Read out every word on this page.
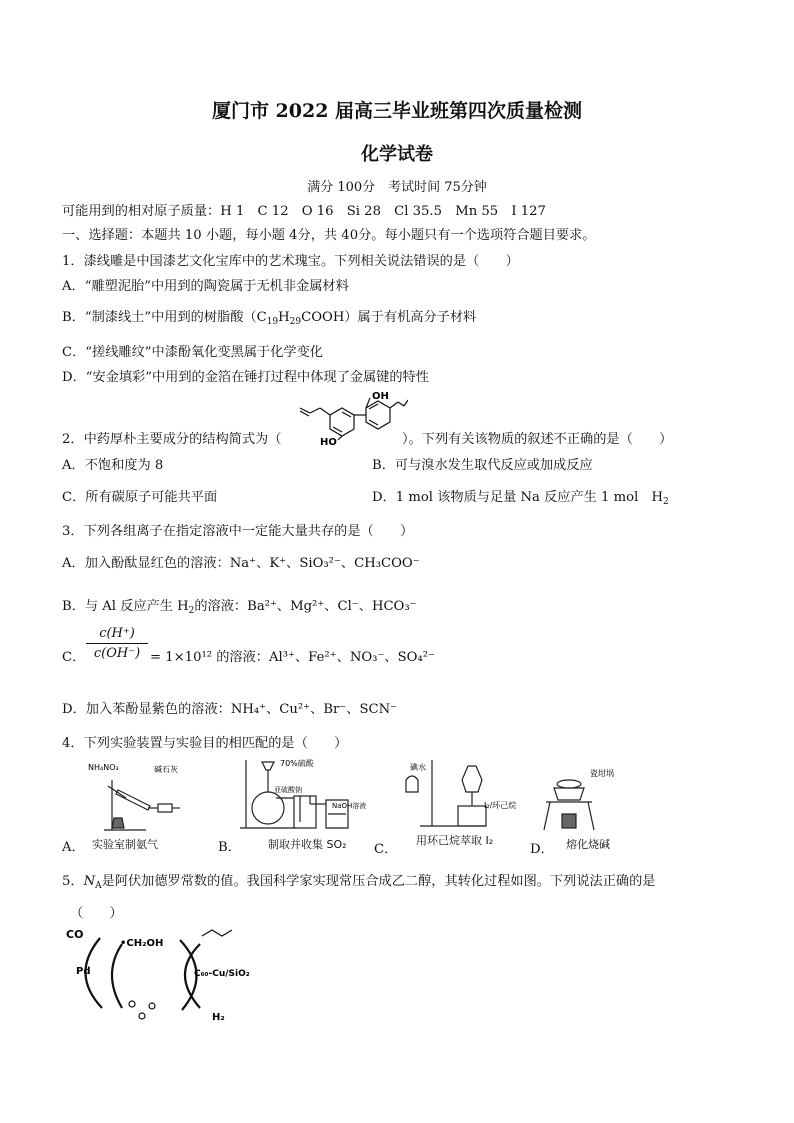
厦门市 2022 届高三毕业班第四次质量检测
化学试卷
满分 100分　考试时间 75分钟
可能用到的相对原子质量：H 1　C 12　O 16　Si 28　Cl 35.5　Mn 55　I 127
一、选择题：本题共 10 小题，每小题 4分，共 40分。每小题只有一个选项符合题目要求。
1．漆线雕是中国漆艺文化宝库中的艺术瑰宝。下列相关说法错误的是（　　）
A．“雕塑泥胎”中用到的陶瓷属于无机非金属材料
B．“制漆线土”中用到的树脂酸$(C_{19}H_{29}COOH)$属于有机高分子材料
C．“搓线雕纹”中漆酚氧化变黑属于化学变化
D．“安金填彩”中用到的金箔在锤打过程中体现了金属键的特性
OH
HO
2．中药厚朴主要成分的结构简式为（	）。下列有关该物质的叙述不正确的是（　　）
A．不饱和度为 8	B．可与溴水发生取代反应或加成反应
C．所有碳原子可能共平面	D．1 mol 该物质与足量 Na 反应产生 1 mol　$H_2$
3．下列各组离子在指定溶液中一定能大量共存的是（　　）
A．加入酚酞显红色的溶液：Na⁺、K⁺、SiO₃²⁻、CH₃COO⁻
B．与 Al 反应产生 $H_2$的溶液：Ba²⁺、Mg²⁺、Cl⁻、HCO₃⁻
C．
c(H⁺)
c(OH⁻) = 1×10¹² 的溶液：Al³⁺、Fe²⁺、NO₃⁻、SO₄²⁻
D．加入苯酚显紫色的溶液：NH₄⁺、Cu²⁺、Br⁻、SCN⁻
4．下列实验装置与实验目的相匹配的是（　　）
NH₄NO₃	碱石灰
实验室制氨气
A．
70%硫酸
亚硫酸钠
NaOH溶液
B． 制取并收集 SO₂
碘水
I₂/环己烷
用环己烷萃取 I₂
C．
瓷坩埚
D． 熔化烧碱
5．$N_A$是阿伏加德罗常数的值。我国科学家实现常压合成乙二醇，其转化过程如图。下列说法正确的是
（　　）
CO
•CH₂OH
Pd	C₆₀-Cu/SiO₂
H₂
